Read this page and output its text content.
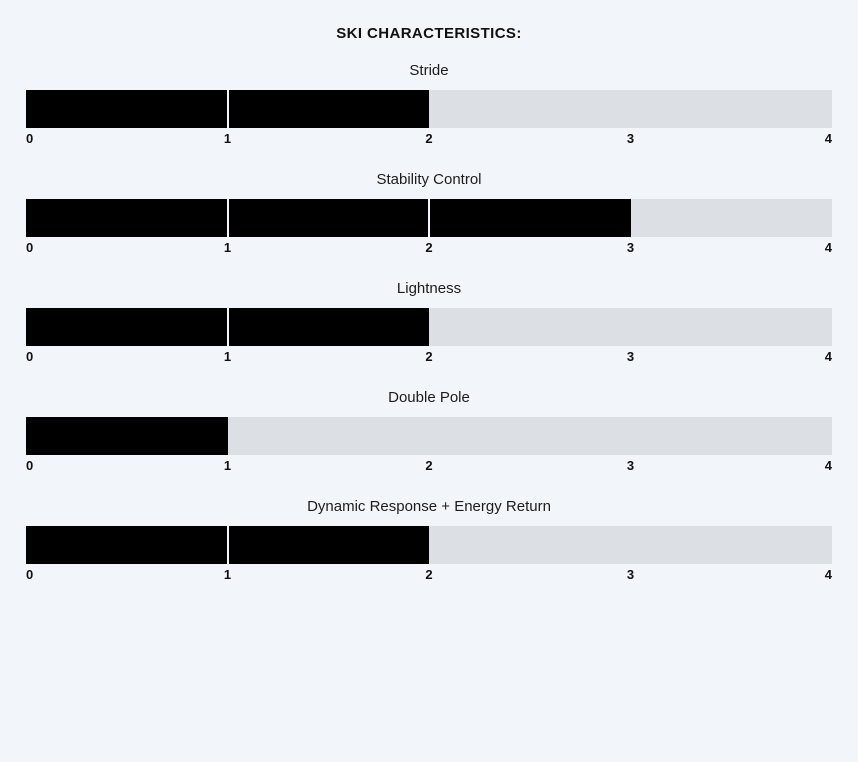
SKI CHARACTERISTICS:
Stride
0	1	2	3	4
Stability Control
0	1	2	3	4
Lightness
0	1	2	3	4
Double Pole
0	1	2	3	4
Dynamic Response + Energy Return
0	1	2	3	4
